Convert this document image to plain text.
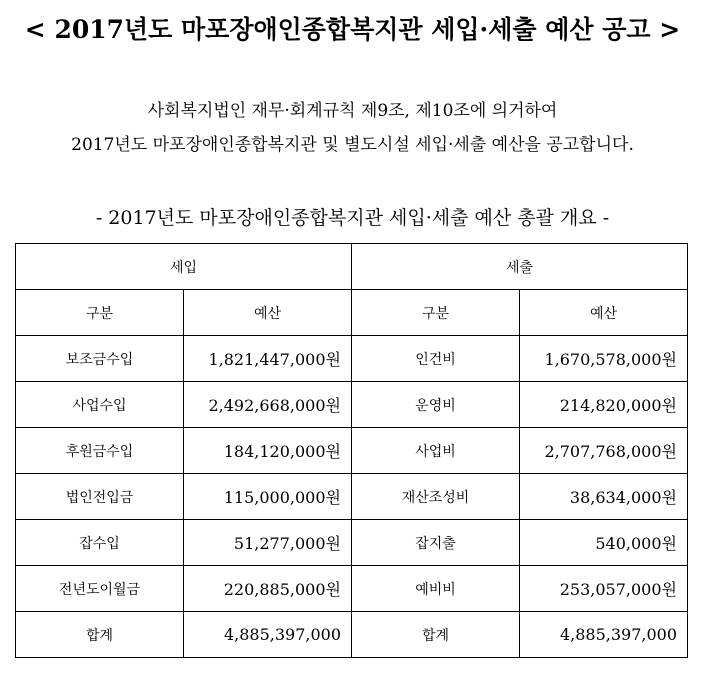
< 2017년도 마포장애인종합복지관 세입·세출 예산 공고 >
사회복지법인 재무·회계규칙 제9조, 제10조에 의거하여
2017년도 마포장애인종합복지관 및 별도시설 세입·세출 예산을 공고합니다.
- 2017년도 마포장애인종합복지관 세입·세출 예산 총괄 개요 -
세입		세출	
구분	예산	구분	예산
보조금수입	1,821,447,000원	인건비	1,670,578,000원
사업수입	2,492,668,000원	운영비	214,820,000원
후원금수입	184,120,000원	사업비	2,707,768,000원
법인전입금	115,000,000원	재산조성비	38,634,000원
잡수입	51,277,000원	잡지출	540,000원
전년도이월금	220,885,000원	예비비	253,057,000원
합계	4,885,397,000	합계	4,885,397,000
